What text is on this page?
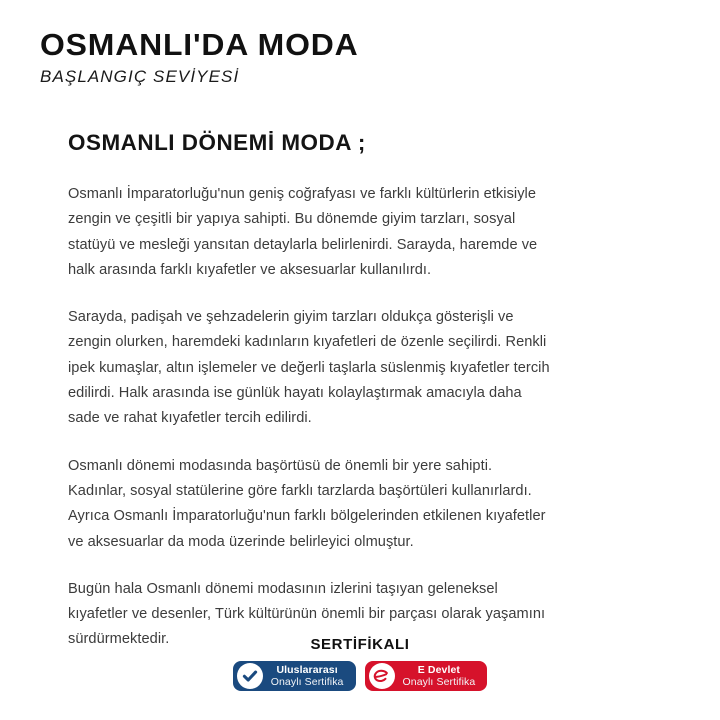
OSMANLI'DA MODA
BAŞLANGIÇ SEVİYESİ
OSMANLI DÖNEMİ MODA ;

Osmanlı İmparatorluğu'nun geniş coğrafyası ve farklı kültürlerin etkisiyle zengin ve çeşitli bir yapıya sahipti. Bu dönemde giyim tarzları, sosyal statüyü ve mesleği yansıtan detaylarla belirlenirdi. Sarayda, haremde ve halk arasında farklı kıyafetler ve aksesuarlar kullanılırdı.

Sarayda, padişah ve şehzadelerin giyim tarzları oldukça gösterişli ve zengin olurken, haremdeki kadınların kıyafetleri de özenle seçilirdi. Renkli ipek kumaşlar, altın işlemeler ve değerli taşlarla süslenmiş kıyafetler tercih edilirdi. Halk arasında ise günlük hayatı kolaylaştırmak amacıyla daha sade ve rahat kıyafetler tercih edilirdi.

Osmanlı dönemi modasında başörtüsü de önemli bir yere sahipti. Kadınlar, sosyal statülerine göre farklı tarzlarda başörtüleri kullanırlardı. Ayrıca Osmanlı İmparatorluğu'nun farklı bölgelerinden etkilenen kıyafetler ve aksesuarlar da moda üzerinde belirleyici olmuştur.

Bugün hala Osmanlı dönemi modasının izlerini taşıyan geleneksel kıyafetler ve desenler, Türk kültürünün önemli bir parçası olarak yaşamını sürdürmektedir.	SERTİFİKALI
Uluslararası
Onaylı Sertifika
E Devlet
Onaylı Sertifika
